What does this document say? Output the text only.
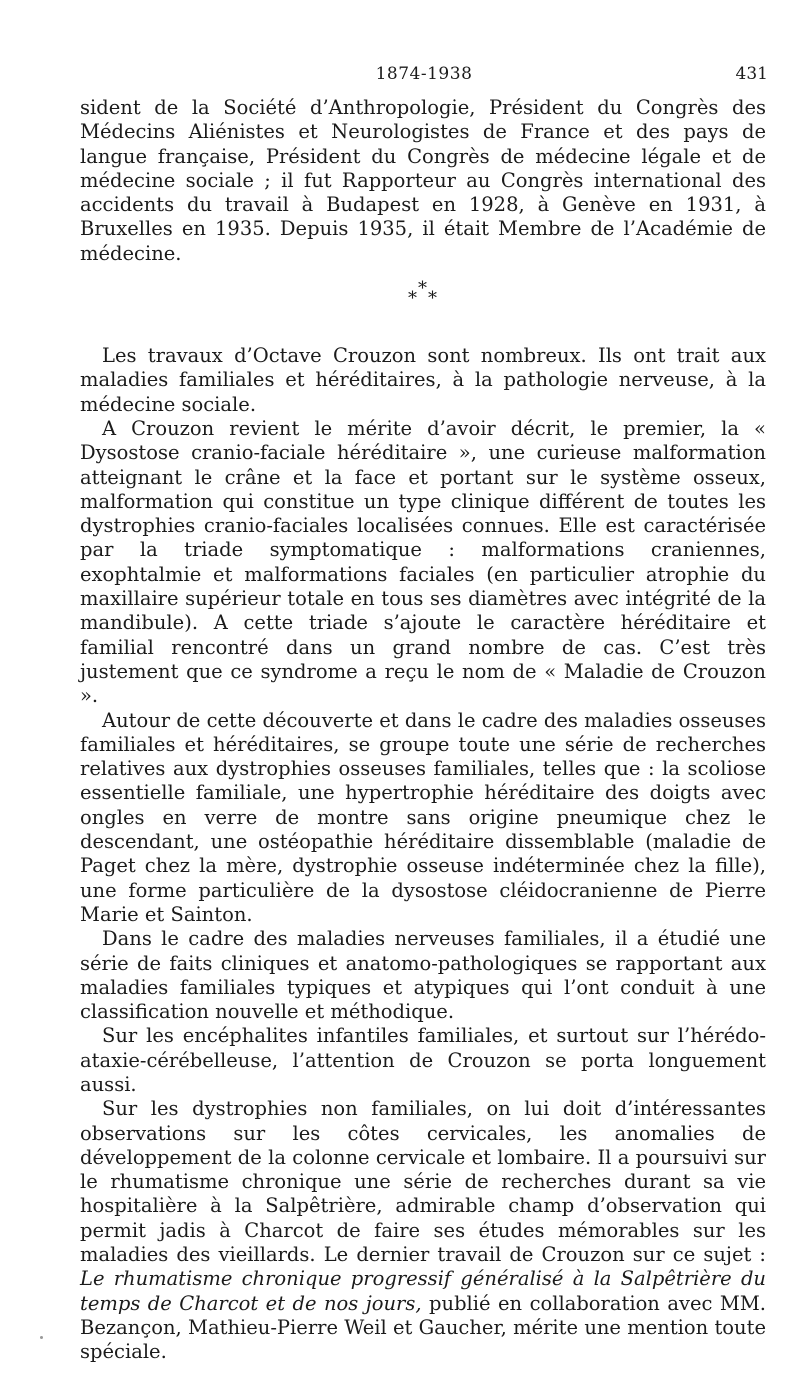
1874-1938	431

sident de la Société d’Anthropologie, Président du Congrès des Médecins Aliénistes et Neurologistes de France et des pays de langue française, Président du Congrès de médecine légale et de médecine sociale ; il fut Rapporteur au Congrès international des accidents du travail à Budapest en 1928, à Genève en 1931, à Bruxelles en 1935. Depuis 1935, il était Membre de l’Académie de médecine.

*
* *

Les travaux d’Octave Crouzon sont nombreux. Ils ont trait aux maladies familiales et héréditaires, à la pathologie nerveuse, à la médecine sociale.

A Crouzon revient le mérite d’avoir décrit, le premier, la « Dysostose cranio-faciale héréditaire », une curieuse malformation atteignant le crâne et la face et portant sur le système osseux, malformation qui constitue un type clinique différent de toutes les dystrophies cranio-faciales localisées connues. Elle est caractérisée par la triade symptomatique : malformations craniennes, exophtalmie et malformations faciales (en particulier atrophie du maxillaire supérieur totale en tous ses diamètres avec intégrité de la mandibule). A cette triade s’ajoute le caractère héréditaire et familial rencontré dans un grand nombre de cas. C’est très justement que ce syndrome a reçu le nom de « Maladie de Crouzon ».

Autour de cette découverte et dans le cadre des maladies osseuses familiales et héréditaires, se groupe toute une série de recherches relatives aux dystrophies osseuses familiales, telles que : la scoliose essentielle familiale, une hypertrophie héréditaire des doigts avec ongles en verre de montre sans origine pneumique chez le descendant, une ostéopathie héréditaire dissemblable (maladie de Paget chez la mère, dystrophie osseuse indéterminée chez la fille), une forme particulière de la dysostose cléidocranienne de Pierre Marie et Sainton.

Dans le cadre des maladies nerveuses familiales, il a étudié une série de faits cliniques et anatomo-pathologiques se rapportant aux maladies familiales typiques et atypiques qui l’ont conduit à une classification nouvelle et méthodique.

Sur les encéphalites infantiles familiales, et surtout sur l’hérédo-ataxie-cérébelleuse, l’attention de Crouzon se porta longuement aussi.

Sur les dystrophies non familiales, on lui doit d’intéressantes observations sur les côtes cervicales, les anomalies de développement de la colonne cervicale et lombaire. Il a poursuivi sur le rhumatisme chronique une série de recherches durant sa vie hospitalière à la Salpêtrière, admirable champ d’observation qui permit jadis à Charcot de faire ses études mémorables sur les maladies des vieillards. Le dernier travail de Crouzon sur ce sujet : Le rhumatisme chronique progressif généralisé à la Salpêtrière du temps de Charcot et de nos jours, publié en collaboration avec MM. Bezançon, Mathieu-Pierre Weil et Gaucher, mérite une mention toute spéciale.
